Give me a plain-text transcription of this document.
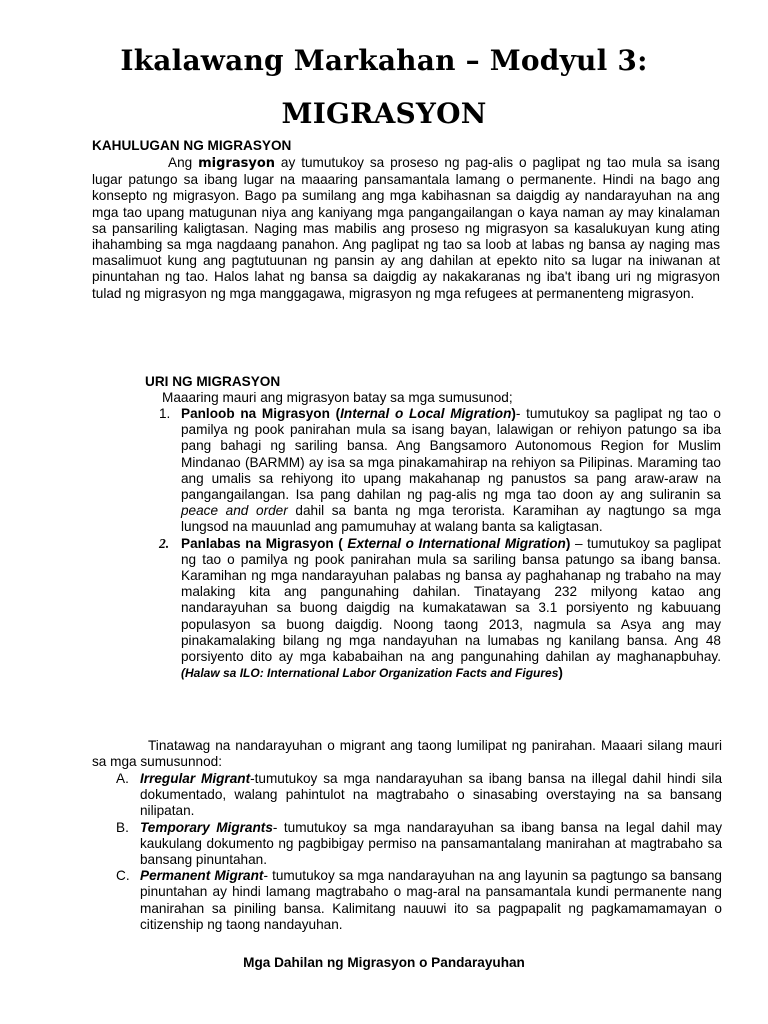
Ikalawang Markahan – Modyul 3:
MIGRASYON
KAHULUGAN NG MIGRASYON

Ang migrasyon ay tumutukoy sa proseso ng pag-alis o paglipat ng tao mula sa isang lugar patungo sa ibang lugar na maaaring pansamantala lamang o permanente. Hindi na bago ang konsepto ng migrasyon. Bago pa sumilang ang mga kabihasnan sa daigdig ay nandarayuhan na ang mga tao upang matugunan niya ang kaniyang mga pangangailangan o kaya naman ay may kinalaman sa pansariling kaligtasan. Naging mas mabilis ang proseso ng migrasyon sa kasalukuyan kung ating ihahambing sa mga nagdaang panahon. Ang paglipat ng tao sa loob at labas ng bansa ay naging mas masalimuot kung ang pagtutuunan ng pansin ay ang dahilan at epekto nito sa lugar na iniwanan at pinuntahan ng tao. Halos lahat ng bansa sa daigdig ay nakakaranas ng iba't ibang uri ng migrasyon tulad ng migrasyon ng mga manggagawa, migrasyon ng mga refugees at permanenteng migrasyon.

URI NG MIGRASYON

Maaaring mauri ang migrasyon batay sa mga sumusunod;

1. Panloob na Migrasyon (Internal o Local Migration)- tumutukoy sa paglipat ng tao o pamilya ng pook panirahan mula sa isang bayan, lalawigan or rehiyon patungo sa iba pang bahagi ng sariling bansa. Ang Bangsamoro Autonomous Region for Muslim Mindanao (BARMM) ay isa sa mga pinakamahirap na rehiyon sa Pilipinas. Maraming tao ang umalis sa rehiyong ito upang makahanap ng panustos sa pang araw-araw na pangangailangan. Isa pang dahilan ng pag-alis ng mga tao doon ay ang suliranin sa peace and order dahil sa banta ng mga terorista. Karamihan ay nagtungo sa mga lungsod na mauunlad ang pamumuhay at walang banta sa kaligtasan.
2. Panlabas na Migrasyon ( External o International Migration) – tumutukoy sa paglipat ng tao o pamilya ng pook panirahan mula sa sariling bansa patungo sa ibang bansa. Karamihan ng mga nandarayuhan palabas ng bansa ay paghahanap ng trabaho na may malaking kita ang pangunahing dahilan. Tinatayang 232 milyong katao ang nandarayuhan sa buong daigdig na kumakatawan sa 3.1 porsiyento ng kabuuang populasyon sa buong daigdig. Noong taong 2013, nagmula sa Asya ang may pinakamalaking bilang ng mga nandayuhan na lumabas ng kanilang bansa. Ang 48 porsiyento dito ay mga kababaihan na ang pangunahing dahilan ay maghanapbuhay. (Halaw sa ILO: International Labor Organization Facts and Figures)

Tinatawag na nandarayuhan o migrant ang taong lumilipat ng panirahan. Maaari silang mauri sa mga sumusunnod:

A. Irregular Migrant-tumutukoy sa mga nandarayuhan sa ibang bansa na illegal dahil hindi sila dokumentado, walang pahintulot na magtrabaho o sinasabing overstaying na sa bansang nilipatan.
B. Temporary Migrants- tumutukoy sa mga nandarayuhan sa ibang bansa na legal dahil may kaukulang dokumento ng pagbibigay permiso na pansamantalang manirahan at magtrabaho sa bansang pinuntahan.
C. Permanent Migrant- tumutukoy sa mga nandarayuhan na ang layunin sa pagtungo sa bansang pinuntahan ay hindi lamang magtrabaho o mag-aral na pansamantala kundi permanente nang manirahan sa piniling bansa. Kalimitang nauuwi ito sa pagpapalit ng pagkamamamayan o citizenship ng taong nandayuhan.
Mga Dahilan ng Migrasyon o Pandarayuhan
